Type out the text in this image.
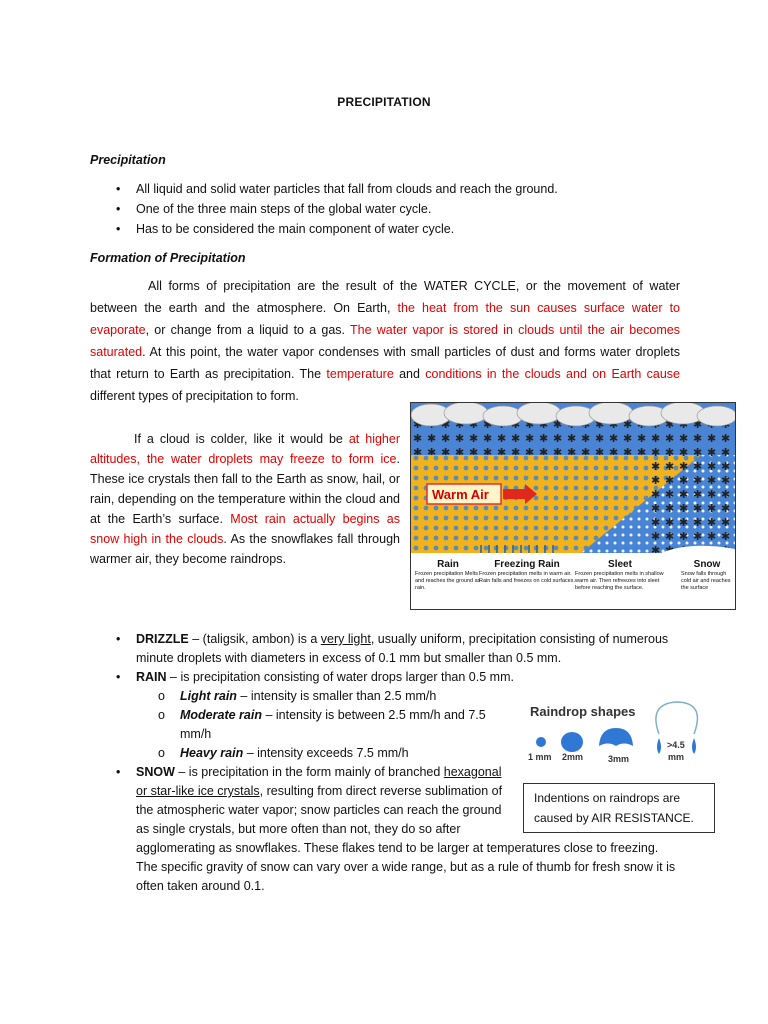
PRECIPITATION
Precipitation
• All liquid and solid water particles that fall from clouds and reach the ground.
• One of the three main steps of the global water cycle.
• Has to be considered the main component of water cycle.
Formation of Precipitation
All forms of precipitation are the result of the WATER CYCLE, or the movement of water between the earth and the atmosphere. On Earth, the heat from the sun causes surface water to evaporate, or change from a liquid to a gas. The water vapor is stored in clouds until the air becomes saturated. At this point, the water vapor condenses with small particles of dust and forms water droplets that return to Earth as precipitation. The temperature and conditions in the clouds and on Earth cause different types of precipitation to form.
If a cloud is colder, like it would be at higher altitudes, the water droplets may freeze to form ice. These ice crystals then fall to the Earth as snow, hail, or rain, depending on the temperature within the cloud and at the Earth’s surface. Most rain actually begins as snow high in the clouds. As the snowflakes fall through warmer air, they become raindrops.
Warm Air
Rain
Frozen precipitation Melts and reaches the ground as rain.
Freezing Rain
Frozen precipitation melts in warm air. Rain falls and freezes on cold surfaces.
Sleet
Frozen precipitation melts in shallow warm air. Then refreezes into sleet before reaching the surface.
Snow
Snow falls through cold air and reaches the surface
• DRIZZLE – (taligsik, ambon) is a very light, usually uniform, precipitation consisting of numerous
minute droplets with diameters in excess of 0.1 mm but smaller than 0.5 mm.
• RAIN – is precipitation consisting of water drops larger than 0.5 mm.
o Light rain – intensity is smaller than 2.5 mm/h
o Moderate rain – intensity is between 2.5 mm/h and 7.5
mm/h
o Heavy rain – intensity exceeds 7.5 mm/h
Raindrop shapes
1 mm 2mm	3mm
>4.5
mm
• SNOW – is precipitation in the form mainly of branched hexagonal
or star-like ice crystals, resulting from direct reverse sublimation of
the atmospheric water vapor; snow particles can reach the ground
as single crystals, but more often than not, they do so after
agglomerating as snowflakes. These flakes tend to be larger at temperatures close to freezing.
The specific gravity of snow can vary over a wide range, but as a rule of thumb for fresh snow it is
often taken around 0.1.
Indentions on raindrops are caused by AIR RESISTANCE.
